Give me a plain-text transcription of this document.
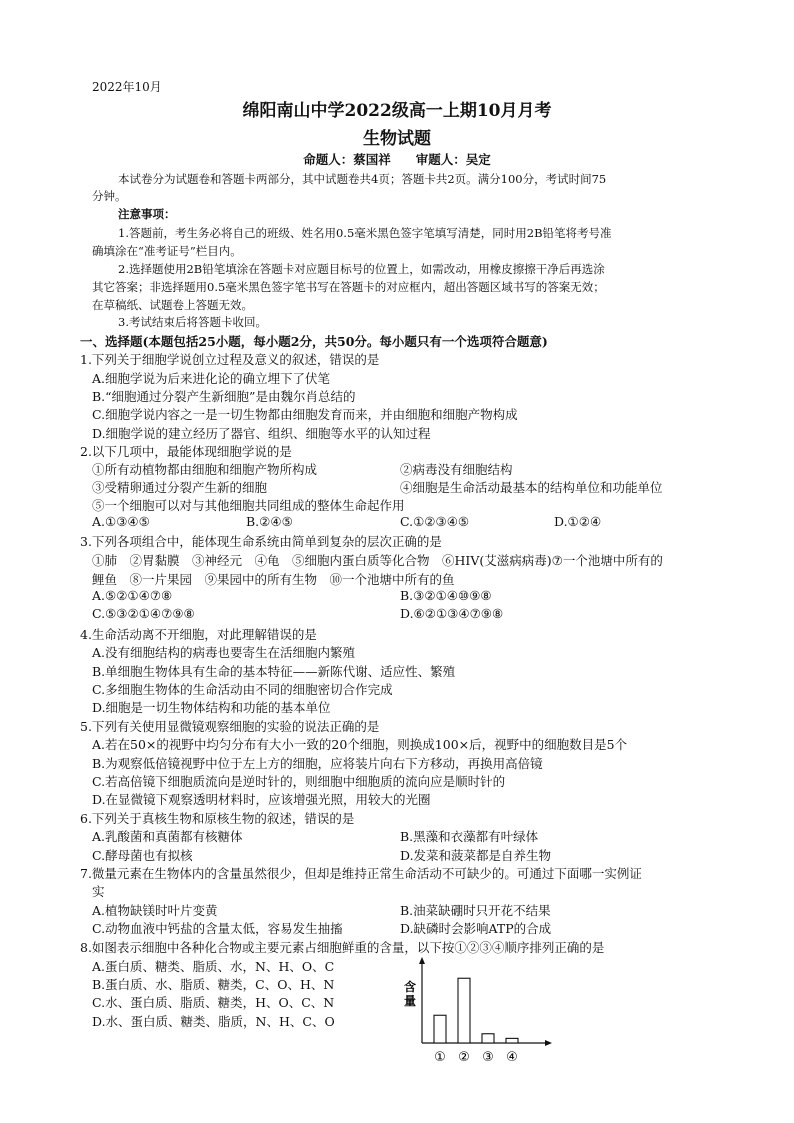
2022年10月
绵阳南山中学2022级高一上期10月月考
生物试题
命题人：蔡国祥　　审题人：吴定
本试卷分为试题卷和答题卡两部分，其中试题卷共4页；答题卡共2页。满分100分，考试时间75
分钟。
注意事项：
1.答题前，考生务必将自己的班级、姓名用0.5毫米黑色签字笔填写清楚，同时用2B铅笔将考号准
确填涂在“准考证号”栏目内。
2.选择题使用2B铅笔填涂在答题卡对应题目标号的位置上，如需改动，用橡皮擦擦干净后再选涂
其它答案；非选择题用0.5毫米黑色签字笔书写在答题卡的对应框内，超出答题区域书写的答案无效；
在草稿纸、试题卷上答题无效。
3.考试结束后将答题卡收回。
一、选择题(本题包括25小题，每小题2分，共50分。每小题只有一个选项符合题意)
1.下列关于细胞学说创立过程及意义的叙述，错误的是
A.细胞学说为后来进化论的确立埋下了伏笔
B.“细胞通过分裂产生新细胞”是由魏尔肖总结的
C.细胞学说内容之一是一切生物都由细胞发育而来，并由细胞和细胞产物构成
D.细胞学说的建立经历了器官、组织、细胞等水平的认知过程
2.以下几项中，最能体现细胞学说的是
①所有动植物都由细胞和细胞产物所构成	②病毒没有细胞结构
③受精卵通过分裂产生新的细胞	④细胞是生命活动最基本的结构单位和功能单位
⑤一个细胞可以对与其他细胞共同组成的整体生命起作用
A.①③④⑤	B.②④⑤	C.①②③④⑤	D.①②④
3.下列各项组合中，能体现生命系统由简单到复杂的层次正确的是
①肺　②胃黏膜　③神经元　④龟　⑤细胞内蛋白质等化合物　⑥HIV(艾滋病病毒)⑦一个池塘中所有的
鲤鱼　⑧一片果园　⑨果园中的所有生物　⑩一个池塘中所有的鱼
A.⑤②①④⑦⑧	B.③②①④⑩⑨⑧
C.⑤③②①④⑦⑨⑧	D.⑥②①③④⑦⑨⑧
4.生命活动离不开细胞，对此理解错误的是
A.没有细胞结构的病毒也要寄生在活细胞内繁殖
B.单细胞生物体具有生命的基本特征——新陈代谢、适应性、繁殖
C.多细胞生物体的生命活动由不同的细胞密切合作完成
D.细胞是一切生物体结构和功能的基本单位
5.下列有关使用显微镜观察细胞的实验的说法正确的是
A.若在50×的视野中均匀分布有大小一致的20个细胞，则换成100×后，视野中的细胞数目是5个
B.为观察低倍镜视野中位于左上方的细胞，应将装片向右下方移动，再换用高倍镜
C.若高倍镜下细胞质流向是逆时针的，则细胞中细胞质的流向应是顺时针的
D.在显微镜下观察透明材料时，应该增强光照，用较大的光圈
6.下列关于真核生物和原核生物的叙述，错误的是
A.乳酸菌和真菌都有核糖体	B.黑藻和衣藻都有叶绿体
C.酵母菌也有拟核	D.发菜和菠菜都是自养生物
7.微量元素在生物体内的含量虽然很少，但却是维持正常生命活动不可缺少的。可通过下面哪一实例证
实
A.植物缺镁时叶片变黄	B.油菜缺硼时只开花不结果
C.动物血液中钙盐的含量太低，容易发生抽搐	D.缺磷时会影响ATP的合成
8.如图表示细胞中各种化合物或主要元素占细胞鲜重的含量，以下按①②③④顺序排列正确的是
A.蛋白质、糖类、脂质、水，N、H、O、C
B.蛋白质、水、脂质、糖类，C、O、H、N
C.水、蛋白质、脂质、糖类，H、O、C、N
D.水、蛋白质、糖类、脂质，N、H、C、O
含
量
① ② ③ ④
